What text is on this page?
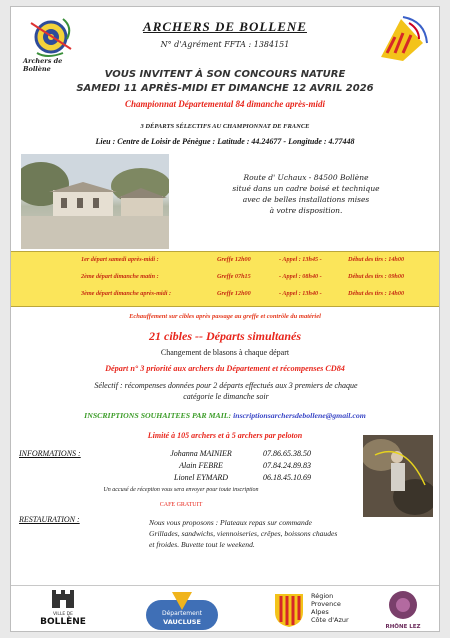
Archers de Bollène
ARCHERS DE BOLLENE
N° d'Agrément FFTA : 1384151
VOUS INVITENT À SON CONCOURS NATURE
SAMEDI 11 APRÈS-MIDI ET DIMANCHE 12 AVRIL 2026
Championnat Départemental 84 dimanche après-midi
3 DÉPARTS SÉLECTIFS AU CHAMPIONNAT DE FRANCE
Lieu : Centre de Loisir de Pénègue : Latitude : 44.24677 - Longitude : 4.77448
Route d' Uchaux - 84500 Bollène
situé dans un cadre boisé et technique
avec de belles installations mises
à votre disposition.
1er départ samedi après-midi :	Greffe 12h00	- Appel : 13h45 -	Début des tirs : 14h00
2ème départ dimanche matin :	Greffe 07h15	- Appel : 08h40 -	Début des tirs : 09h00
3ème départ dimanche après-midi :	Greffe 12h00	- Appel : 13h40 -	Début des tirs : 14h00
Echauffement sur cibles après passage au greffe et contrôle du matériel
21 cibles -- Départs simultanés
Changement de blasons à chaque départ
Départ n° 3 priorité aux archers du Département et récompenses CD84
Sélectif : récompenses données pour 2 départs effectués aux 3 premiers de chaque
catégorie le dimanche soir
INSCRIPTIONS SOUHAITEES PAR MAIL: inscriptionsarchersdebollene@gmail.com
Limité à 105 archers et à 5 archers par peloton
INFORMATIONS :	Johanna MAINIER	07.86.65.38.50
Alain FEBRE	07.84.24.89.83
Lionel EYMARD	06.18.45.10.69
Un accusé de réception vous sera envoyer pour toute inscription
CAFE GRATUIT
RESTAURATION :	Nous vous proposons : Plateaux repas sur commande
Grillades, sandwichs, viennoiseries, crêpes, boissons chaudes
et froides. Buvette tout le weekend.
VILLE DE
BOLLÈNE
Département
VAUCLUSE
Région
Provence
Alpes
Côte d'Azur
RHÔNE LEZ
